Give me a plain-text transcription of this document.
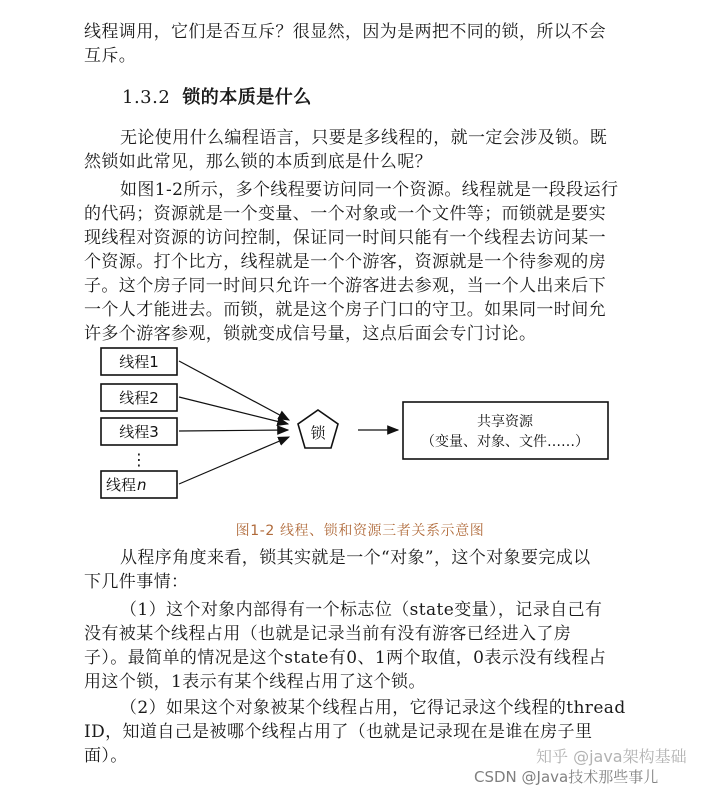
线程调用，它们是否互斥？很显然，因为是两把不同的锁，所以不会
互斥。
1.3.2 锁的本质是什么
无论使用什么编程语言，只要是多线程的，就一定会涉及锁。既
然锁如此常见，那么锁的本质到底是什么呢？
如图1-2所示，多个线程要访问同一个资源。线程就是一段段运行
的代码；资源就是一个变量、一个对象或一个文件等；而锁就是要实
现线程对资源的访问控制，保证同一时间只能有一个线程去访问某一
个资源。打个比方，线程就是一个个游客，资源就是一个待参观的房
子。这个房子同一时间只允许一个游客进去参观，当一个人出来后下
一个人才能进去。而锁，就是这个房子门口的守卫。如果同一时间允
许多个游客参观，锁就变成信号量，这点后面会专门讨论。
线程1
线程2
线程3
⋮
线程 n
锁
共享资源
（变量、对象、文件……）
图1-2 线程、锁和资源三者关系示意图
从程序角度来看，锁其实就是一个“对象”，这个对象要完成以
下几件事情：
（1）这个对象内部得有一个标志位（state变量），记录自己有
没有被某个线程占用（也就是记录当前有没有游客已经进入了房
子）。最简单的情况是这个state有0、1两个取值，0表示没有线程占
用这个锁，1表示有某个线程占用了这个锁。
（2）如果这个对象被某个线程占用，它得记录这个线程的thread
ID，知道自己是被哪个线程占用了（也就是记录现在是谁在房子里
面）。	知乎 @java架构基础
CSDN @Java技术那些事儿
